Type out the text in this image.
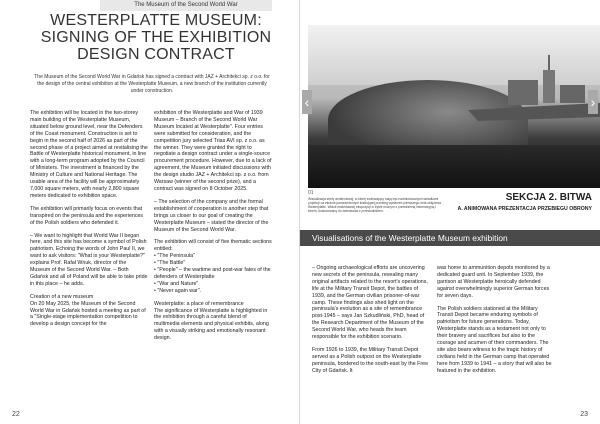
The Museum of the Second World War
WESTERPLATTE MUSEUM: SIGNING OF THE EXHIBITION DESIGN CONTRACT
The Museum of the Second World War in Gdańsk has signed a contract with JAZ + Architekci sp. z o.o. for the design of the central exhibition at the Westerplatte Museum, a new branch of the institution currently under construction.

The exhibition will be located in the two-storey main building of the Westerplatte Museum, situated below ground level, near the Defenders of the Coast monument. Construction is set to begin in the second half of 2026 as part of the second phase of a project aimed at revitalising the Battle of Westerplatte historical monument, in line with a long-term program adopted by the Council of Ministers. The investment is financed by the Ministry of Culture and National Heritage. The usable area of the facility will be approximately 7,000 square meters, with nearly 2,800 square meters dedicated to exhibition space.

The exhibition will primarily focus on events that transpired on the peninsula and the experiences of the Polish soldiers who defended it.

– We want to highlight that World War II began here, and this site has become a symbol of Polish patriotism. Echoing the words of John Paul II, we want to ask visitors: "What is your Westerplatte?" explains Prof. Rafał Wnuk, director of the Museum of the Second World War. – Both Gdańsk and all of Poland will be able to take pride in this place – he adds.

Creation of a new museum
On 20 May 2025, the Museum of the Second World War in Gdańsk hosted a meeting as part of a "Single-stage implementation competition to develop a design concept for the

exhibition of the Westerplatte and War of 1939 Museum – Branch of the Second World War Museum located at Westerplatte". Four entries were submitted for consideration, and the competition jury selected Trias AVI sp. z o.o. as the winner. They were granted the right to negotiate a design contract under a single-source procurement procedure. However, due to a lack of agreement, the Museum initiated discussions with the design studio JAZ + Architekci sp. z o.o. from Warsaw (winner of the second prize), and a contract was signed on 8 October 2025.

– The selection of the company and the formal establishment of cooperation is another step that brings us closer to our goal of creating the Westerplatte Museum – stated the director of the Museum of the Second World War.

The exhibition will consist of five thematic sections entitled:
• "The Peninsula"
• "The Battle"
• "People" – the wartime and post-war fates of the defenders of Westerplatte
• "War and Nature"
• "Never again war".

Westerplatte: a place of remembrance
The significance of Westerplatte is highlighted in the exhibition through a careful blend of multimedia elements and physical exhibits, along with a visually striking and emotionally resonant design.

22
‹	›
01
Wizualizacja strefy ambientowej, w której zwiedzający mają być nadmiotowanymi świadkami projekcji na ekranie panoramicznym ilustrującej przebieg wydarzeń pierwszego dnia oblężenia Westerplatte. Widok realizowanej ekspozycji w trybie nocnym z przestrzenią informacyjną i kinem, dostosowaną do zwiedzania z przewodnikiem.
SEKCJA 2. BITWA
A. ANIMOWANA PREZENTACJA PRZEBIEGU OBRONY
Visualisations of the Westerplatte Museum exhibition

– Ongoing archaeological efforts are uncovering new secrets of the peninsula, revealing many original artifacts related to the resort's operations, life at the Military Transit Depot, the battles of 1939, and the German civilian prisoner-of-war camp. These findings also shed light on the peninsula's evolution as a site of remembrance post-1945 – says Jan Szkudliński, PhD, head of the Research Department of the Museum of the Second World War, who heads the team responsible for the exhibition scenario.

From 1926 to 1939, the Military Transit Depot served as a Polish outpost on the Westerplatte peninsula, bordered to the south-east by the Free City of Gdańsk. It

was home to ammunition depots monitored by a dedicated guard unit. In September 1939, the garrison at Westerplatte heroically defended against overwhelmingly superior German forces for seven days.

The Polish soldiers stationed at the Military Transit Depot became enduring symbols of patriotism for future generations. Today, Westerplatte stands as a testament not only to their bravery and sacrifices but also to the courage and acumen of their commanders. The site also bears witness to the tragic history of civilians held in the German camp that operated here from 1939 to 1941 – a story that will also be featured in the exhibition.

23
